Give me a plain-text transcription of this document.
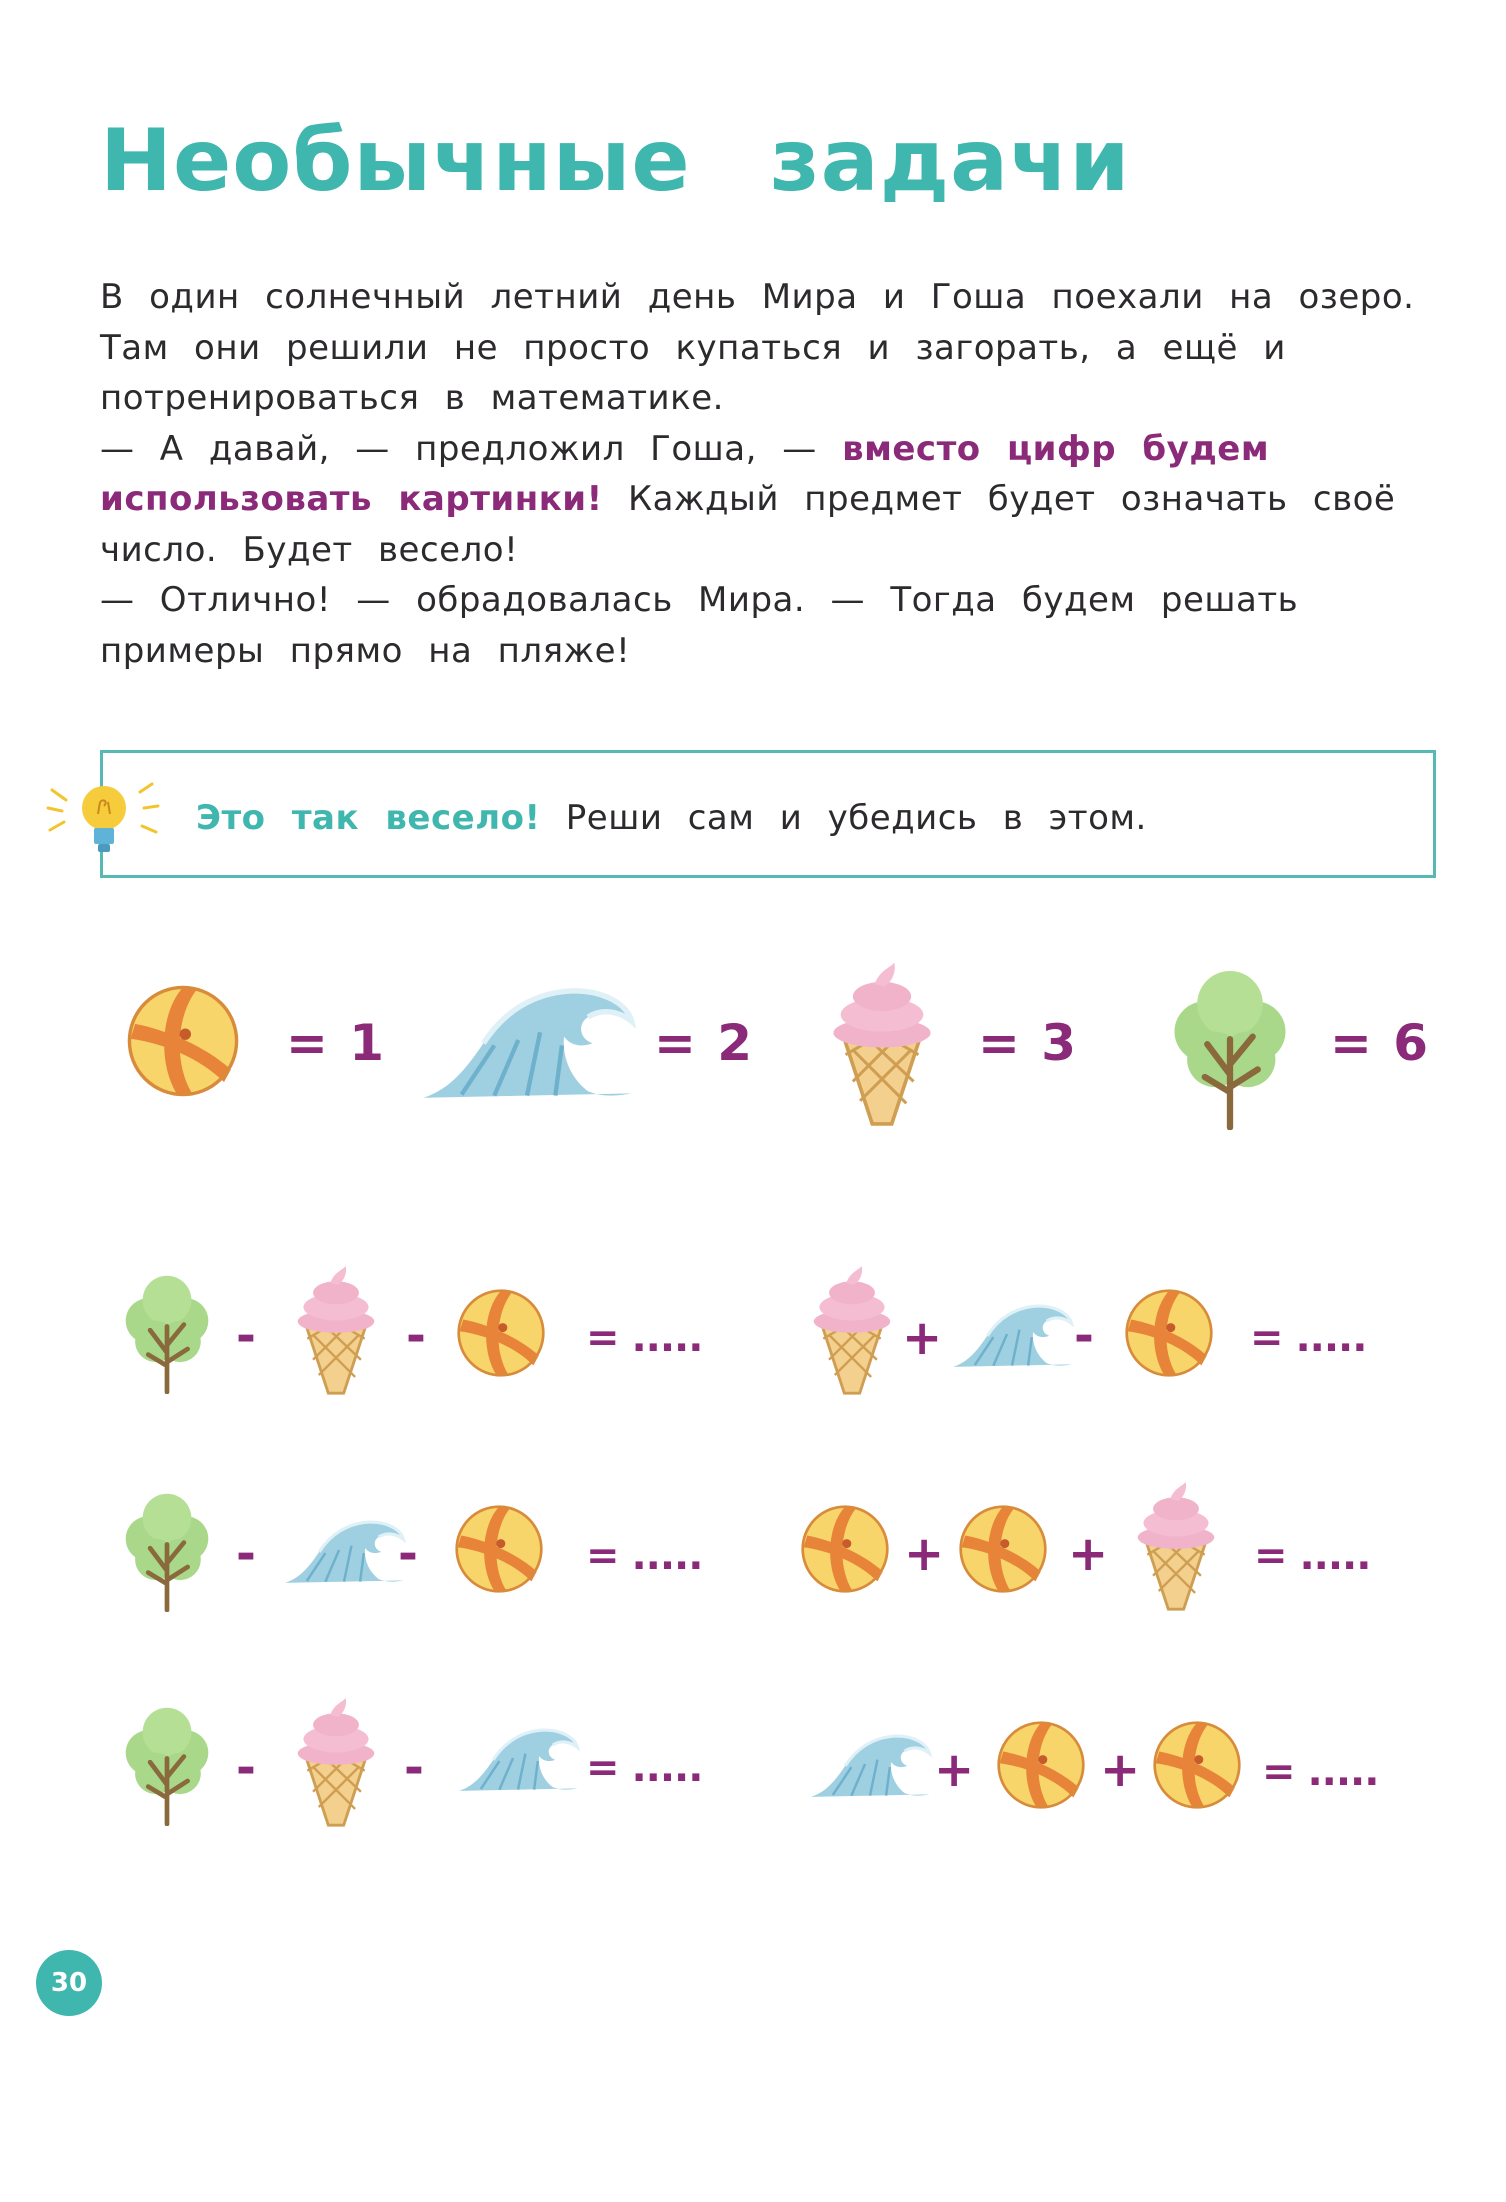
Необычные задачи

В один солнечный летний день Мира и Гоша поехали на озеро. Там они решили не просто купаться и загорать, а ещё и потренироваться в математике.

— А давай, — предложил Гоша, — вместо цифр будем использовать картинки! Каждый предмет будет означать своё число. Будет весело!

— Отлично! — обрадовалась Мира. — Тогда будем решать примеры прямо на пляже!

Это так весело! Реши сам и убедись в этом.
= 1	= 2	= 3	= 6
-	-	= .....	+	-	= .....
-	-	= .....	+	+	= .....
-	-	= .....	+	+	= .....
30
